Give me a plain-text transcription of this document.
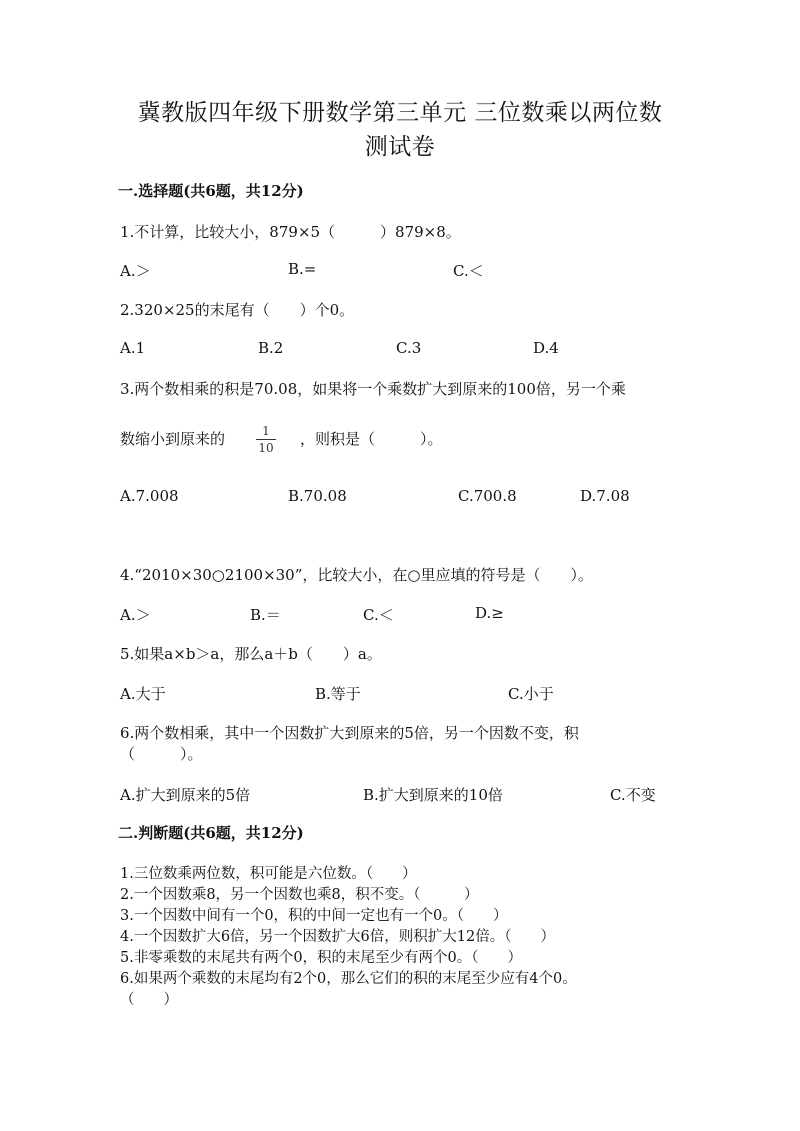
冀教版四年级下册数学第三单元 三位数乘以两位数
测试卷
一.选择题(共6题，共12分)
1.不计算，比较大小，879×5（　　　）879×8。
A.＞	B.=	C.＜
2.320×25的末尾有（　　）个0。
A.1	B.2	C.3	D.4
3.两个数相乘的积是70.08，如果将一个乘数扩大到原来的100倍，另一个乘
数缩小到原来的	1
10 ，则积是（　　　）。
A.7.008	B.70.08	C.700.8	D.7.08
4.“2010×30○2100×30”，比较大小，在○里应填的符号是（　　）。
A.＞	B.＝	C.＜	D.≥
5.如果a×b＞a，那么a＋b（　　）a。
A.大于	B.等于	C.小于
6.两个数相乘，其中一个因数扩大到原来的5倍，另一个因数不变，积
（　　　）。
A.扩大到原来的5倍	B.扩大到原来的10倍	C.不变
二.判断题(共6题，共12分)
1.三位数乘两位数，积可能是六位数。（　　）
2.一个因数乘8，另一个因数也乘8，积不变。（　　　）
3.一个因数中间有一个0，积的中间一定也有一个0。（　　）
4.一个因数扩大6倍，另一个因数扩大6倍，则积扩大12倍。（　　）
5.非零乘数的末尾共有两个0，积的末尾至少有两个0。（　　）
6.如果两个乘数的末尾均有2个0，那么它们的积的末尾至少应有4个0。
（　　）
